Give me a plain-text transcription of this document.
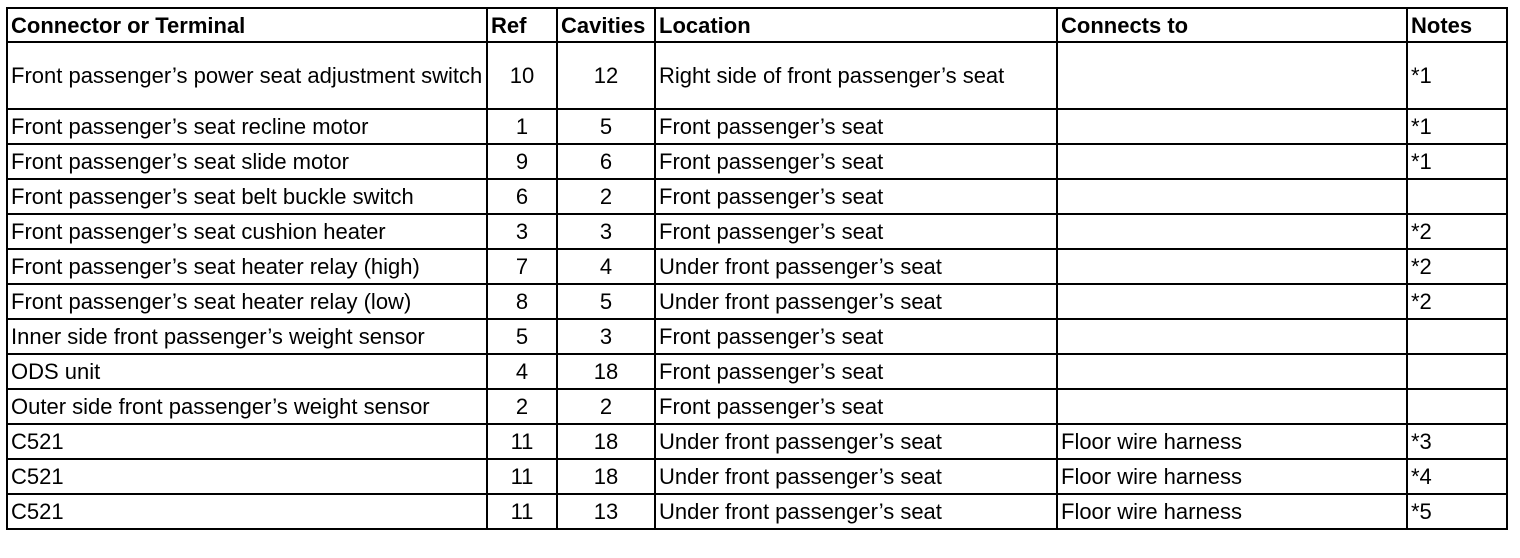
Connector or Terminal	Ref	Cavities	Location	Connects to	Notes
Front passenger’s power seat adjustment switch	10	12	Right side of front passenger’s seat		*1
Front passenger’s seat recline motor	1	5	Front passenger’s seat		*1
Front passenger’s seat slide motor	9	6	Front passenger’s seat		*1
Front passenger’s seat belt buckle switch	6	2	Front passenger’s seat		
Front passenger’s seat cushion heater	3	3	Front passenger’s seat		*2
Front passenger’s seat heater relay (high)	7	4	Under front passenger’s seat		*2
Front passenger’s seat heater relay (low)	8	5	Under front passenger’s seat		*2
Inner side front passenger’s weight sensor	5	3	Front passenger’s seat		
ODS unit	4	18	Front passenger’s seat		
Outer side front passenger’s weight sensor	2	2	Front passenger’s seat		
C521	11	18	Under front passenger’s seat	Floor wire harness	*3
C521	11	18	Under front passenger’s seat	Floor wire harness	*4
C521	11	13	Under front passenger’s seat	Floor wire harness	*5
